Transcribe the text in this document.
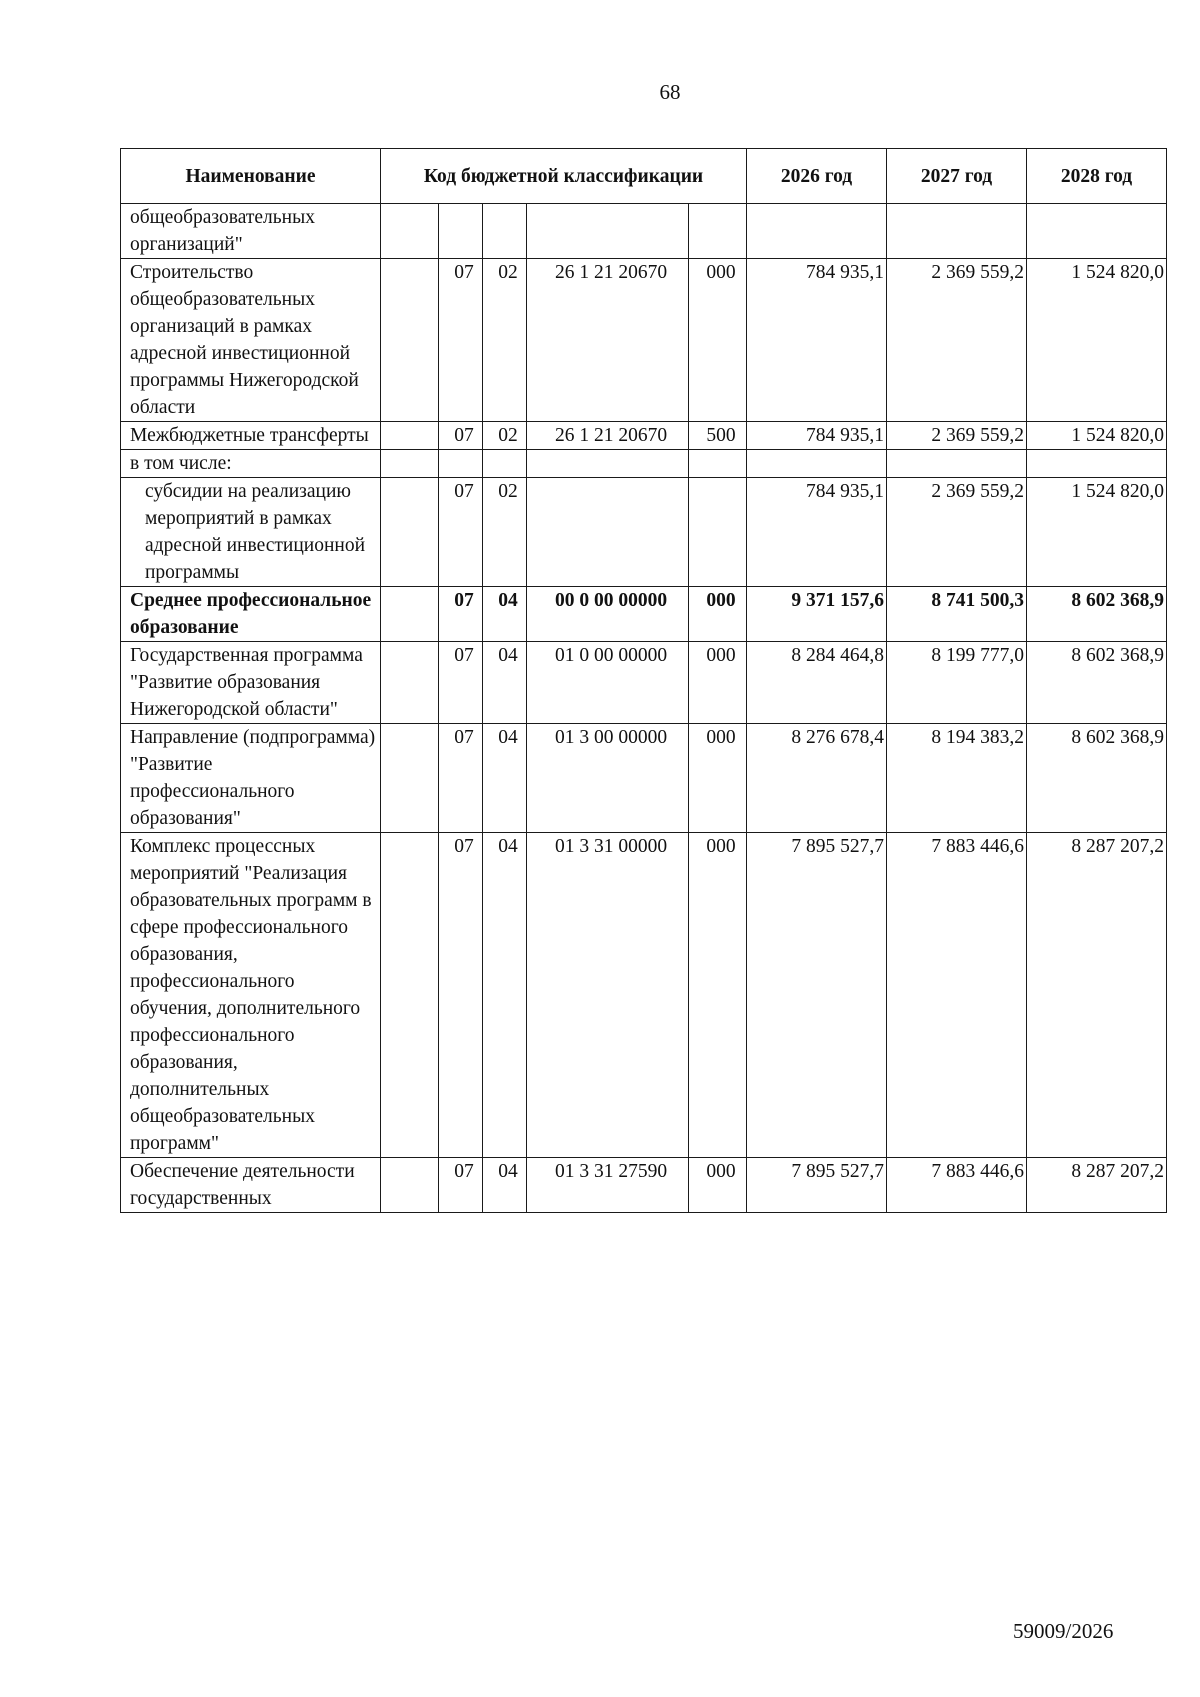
68
Наименование	Код бюджетной классификации					2026 год	2027 год	2028 год
общеобразовательных организаций"								
Строительство общеобразовательных организаций в рамках адресной инвестиционной программы Нижегородской области		07	02	26 1 21 20670	000	784 935,1	2 369 559,2	1 524 820,0
Межбюджетные трансферты		07	02	26 1 21 20670	500	784 935,1	2 369 559,2	1 524 820,0
в том числе:								
субсидии на реализацию мероприятий в рамках адресной инвестиционной программы		07	02			784 935,1	2 369 559,2	1 524 820,0
Среднее профессиональное образование		07	04	00 0 00 00000	000	9 371 157,6	8 741 500,3	8 602 368,9
Государственная программа "Развитие образования Нижегородской области"		07	04	01 0 00 00000	000	8 284 464,8	8 199 777,0	8 602 368,9
Направление (подпрограмма) "Развитие профессионального образования"		07	04	01 3 00 00000	000	8 276 678,4	8 194 383,2	8 602 368,9
Комплекс процессных мероприятий "Реализация образовательных программ в сфере профессионального образования, профессионального обучения, дополнительного профессионального образования, дополнительных общеобразовательных программ"		07	04	01 3 31 00000	000	7 895 527,7	7 883 446,6	8 287 207,2
Обеспечение деятельности государственных		07	04	01 3 31 27590	000	7 895 527,7	7 883 446,6	8 287 207,2
59009/2026
